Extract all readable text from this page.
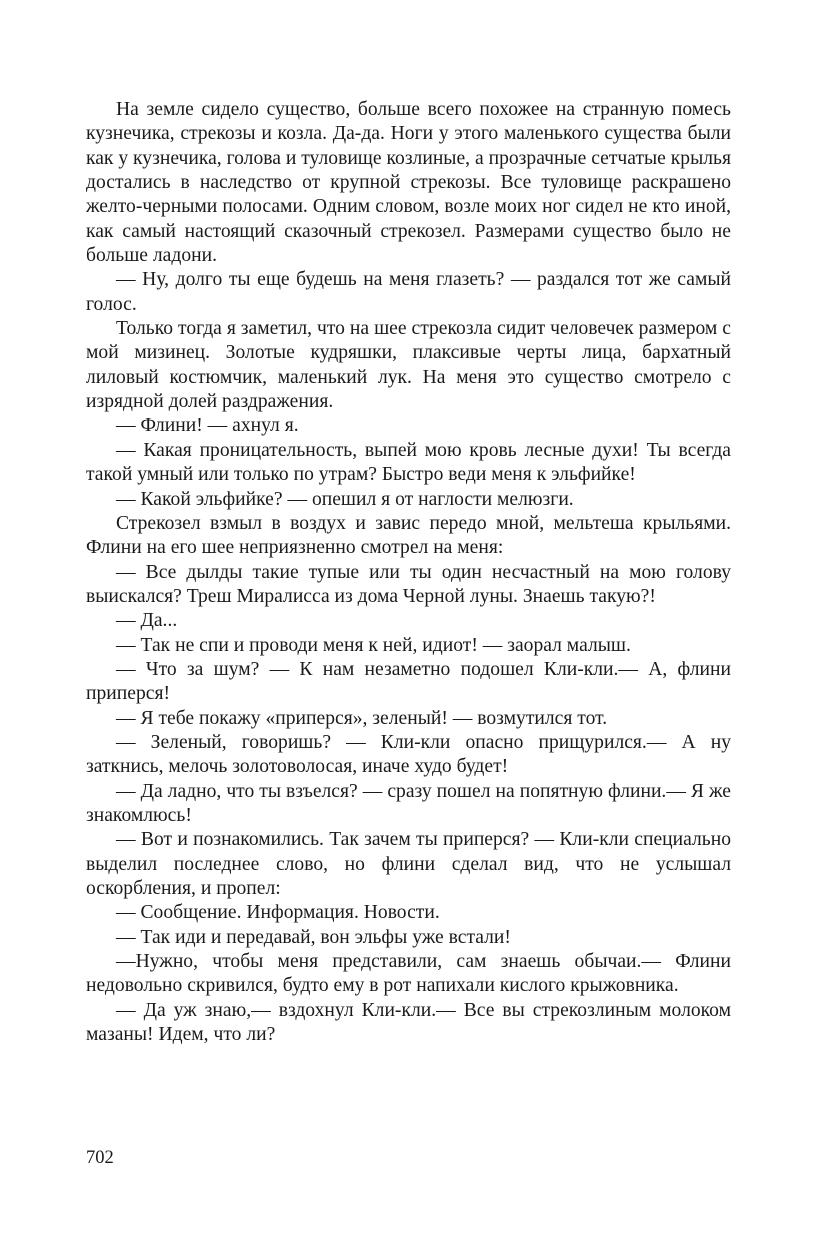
На земле сидело существо, больше всего похожее на странную помесь кузнечика, стрекозы и козла. Да-да. Ноги у этого маленького существа были как у кузнечика, голова и туловище козлиные, а прозрачные сетчатые крылья достались в наследство от крупной стрекозы. Все туловище раскрашено желто-черными полосами. Одним словом, возле моих ног сидел не кто иной, как самый настоящий сказочный стрекозел. Размерами существо было не больше ладони.

— Ну, долго ты еще будешь на меня глазеть? — раздался тот же самый голос.

Только тогда я заметил, что на шее стрекозла сидит человечек размером с мой мизинец. Золотые кудряшки, плаксивые черты лица, бархатный лиловый костюмчик, маленький лук. На меня это существо смотрело с изрядной долей раздражения.

— Флини! — ахнул я.

— Какая проницательность, выпей мою кровь лесные духи! Ты всегда такой умный или только по утрам? Быстро веди меня к эльфийке!

— Какой эльфийке? — опешил я от наглости мелюзги.

Стрекозел взмыл в воздух и завис передо мной, мельтеша крыльями. Флини на его шее неприязненно смотрел на меня:

— Все дылды такие тупые или ты один несчастный на мою голову выискался? Треш Миралисса из дома Черной луны. Знаешь такую?!

— Да...

— Так не спи и проводи меня к ней, идиот! — заорал малыш.

— Что за шум? — К нам незаметно подошел Кли-кли.— А, флини приперся!

— Я тебе покажу «приперся», зеленый! — возмутился тот.

— Зеленый, говоришь? — Кли-кли опасно прищурился.— А ну заткнись, мелочь золотоволосая, иначе худо будет!

— Да ладно, что ты взъелся? — сразу пошел на попятную флини.— Я же знакомлюсь!

— Вот и познакомились. Так зачем ты приперся? — Кли-кли специально выделил последнее слово, но флини сделал вид, что не услышал оскорбления, и пропел:

— Сообщение. Информация. Новости.

— Так иди и передавай, вон эльфы уже встали!

—Нужно, чтобы меня представили, сам знаешь обычаи.— Флини недовольно скривился, будто ему в рот напихали кислого крыжовника.

— Да уж знаю,— вздохнул Кли-кли.— Все вы стрекозлиным молоком мазаны! Идем, что ли?

702
